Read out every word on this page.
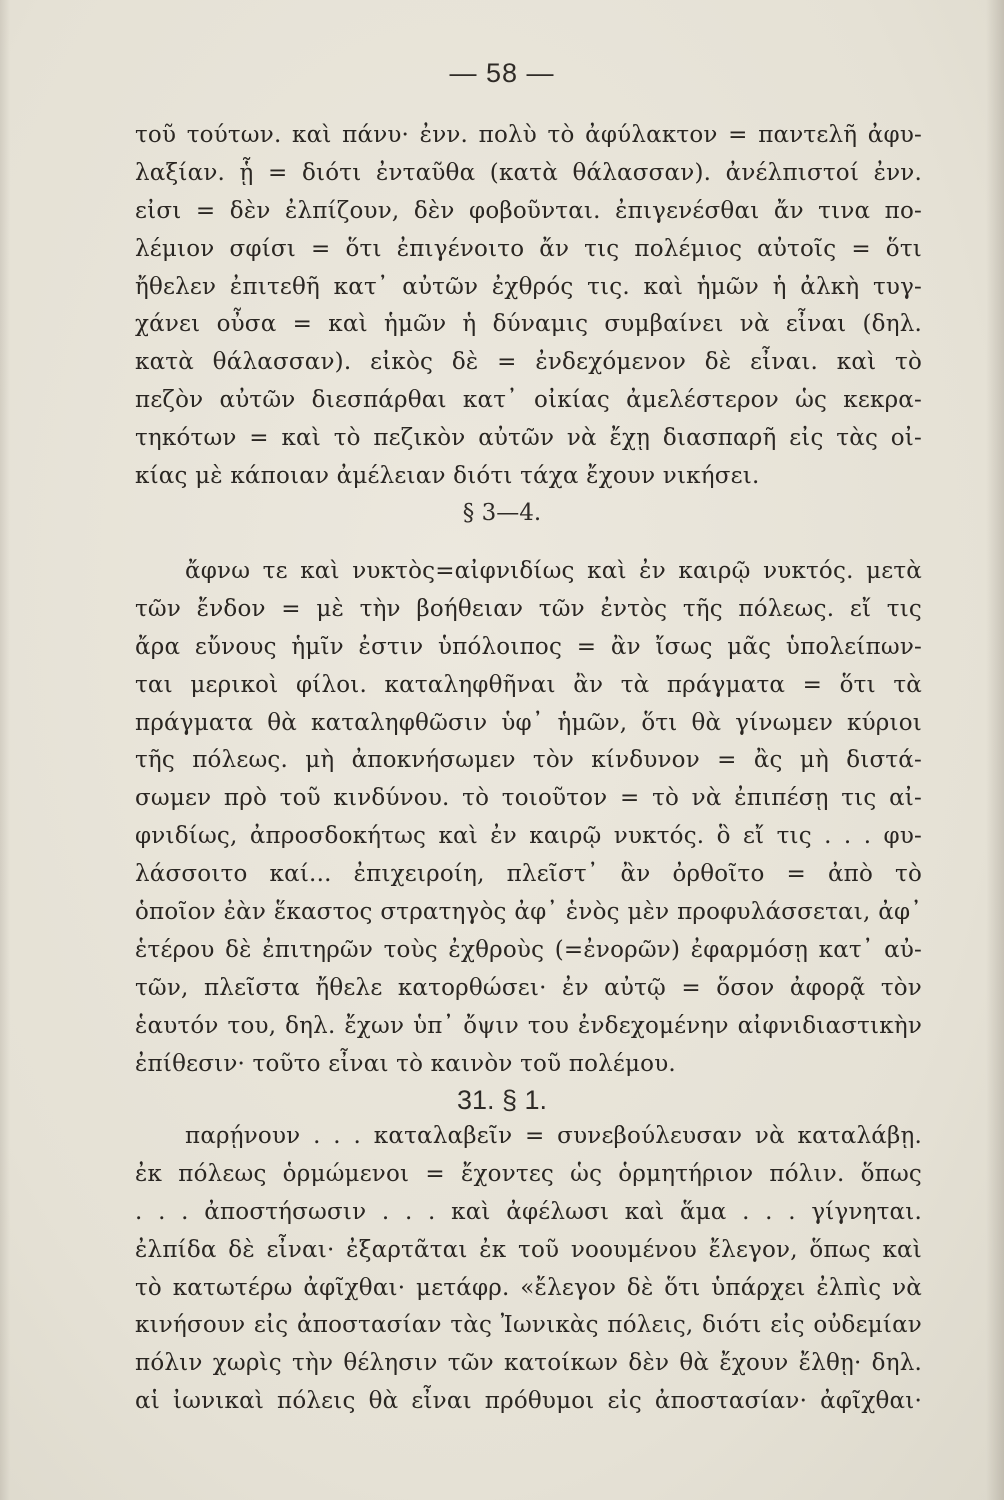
— 58 —
τοῦ τούτων. καὶ πάνυ· ἐνν. πολὺ τὸ ἀφύλακτον = παντελῆ ἀφυ-
λαξίαν. ᾗ = διότι ἐνταῦθα (κατὰ θάλασσαν). ἀνέλπιστοί ἐνν.
εἰσι = δὲν ἐλπίζουν, δὲν φοβοῦνται. ἐπιγενέσθαι ἄν τινα πο-
λέμιον σφίσι = ὅτι ἐπιγένοιτο ἄν τις πολέμιος αὐτοῖς = ὅτι
ἤθελεν ἐπιτεθῆ κατ᾿ αὐτῶν ἐχθρός τις. καὶ ἡμῶν ἡ ἀλκὴ τυγ-
χάνει οὖσα = καὶ ἡμῶν ἡ δύναμις συμβαίνει νὰ εἶναι (δηλ.
κατὰ θάλασσαν). εἰκὸς δὲ = ἐνδεχόμενον δὲ εἶναι. καὶ τὸ
πεζὸν αὐτῶν διεσπάρθαι κατ᾿ οἰκίας ἀμελέστερον ὡς κεκρα-
τηκότων = καὶ τὸ πεζικὸν αὐτῶν νὰ ἔχῃ διασπαρῆ εἰς τὰς οἰ-
κίας μὲ κάποιαν ἀμέλειαν διότι τάχα ἔχουν νικήσει.
§ 3—4.
ἄφνω τε καὶ νυκτὸς=αἰφνιδίως καὶ ἐν καιρῷ νυκτός. μετὰ
τῶν ἔνδον = μὲ τὴν βοήθειαν τῶν ἐντὸς τῆς πόλεως. εἴ τις
ἄρα εὔνους ἡμῖν ἐστιν ὑπόλοιπος = ἂν ἴσως μᾶς ὑπολείπων-
ται μερικοὶ φίλοι. καταληφθῆναι ἂν τὰ πράγματα = ὅτι τὰ
πράγματα θὰ καταληφθῶσιν ὑφ᾿ ἡμῶν, ὅτι θὰ γίνωμεν κύριοι
τῆς πόλεως. μὴ ἀποκνήσωμεν τὸν κίνδυνον = ἂς μὴ διστά-
σωμεν πρὸ τοῦ κινδύνου. τὸ τοιοῦτον = τὸ νὰ ἐπιπέσῃ τις αἰ-
φνιδίως, ἀπροσδοκήτως καὶ ἐν καιρῷ νυκτός. ὃ εἴ τις . . . φυ-
λάσσοιτο καί... ἐπιχειροίη, πλεῖστ᾿ ἂν ὀρθοῖτο = ἀπὸ τὸ
ὁποῖον ἐὰν ἕκαστος στρατηγὸς ἀφ᾿ ἑνὸς μὲν προφυλάσσεται, ἀφ᾿
ἑτέρου δὲ ἐπιτηρῶν τοὺς ἐχθροὺς (=ἐνορῶν) ἐφαρμόσῃ κατ᾿ αὐ-
τῶν, πλεῖστα ἤθελε κατορθώσει· ἐν αὐτῷ = ὅσον ἀφορᾷ τὸν
ἑαυτόν του, δηλ. ἔχων ὑπ᾿ ὄψιν του ἐνδεχομένην αἰφνιδιαστικὴν
ἐπίθεσιν· τοῦτο εἶναι τὸ καινὸν τοῦ πολέμου.
31. § 1.
παρῄνουν . . . καταλαβεῖν = συνεβούλευσαν νὰ καταλάβῃ.
ἐκ πόλεως ὁρμώμενοι = ἔχοντες ὡς ὁρμητήριον πόλιν. ὅπως
. . . ἀποστήσωσιν . . . καὶ ἀφέλωσι καὶ ἅμα . . . γίγνηται.
ἐλπίδα δὲ εἶναι· ἐξαρτᾶται ἐκ τοῦ νοουμένου ἔλεγον, ὅπως καὶ
τὸ κατωτέρω ἀφῖχθαι· μετάφρ. «ἔλεγον δὲ ὅτι ὑπάρχει ἐλπὶς νὰ
κινήσουν εἰς ἀποστασίαν τὰς Ἰωνικὰς πόλεις, διότι εἰς οὐδεμίαν
πόλιν χωρὶς τὴν θέλησιν τῶν κατοίκων δὲν θὰ ἔχουν ἔλθῃ· δηλ.
αἱ ἰωνικαὶ πόλεις θὰ εἶναι πρόθυμοι εἰς ἀποστασίαν· ἀφῖχθαι·
